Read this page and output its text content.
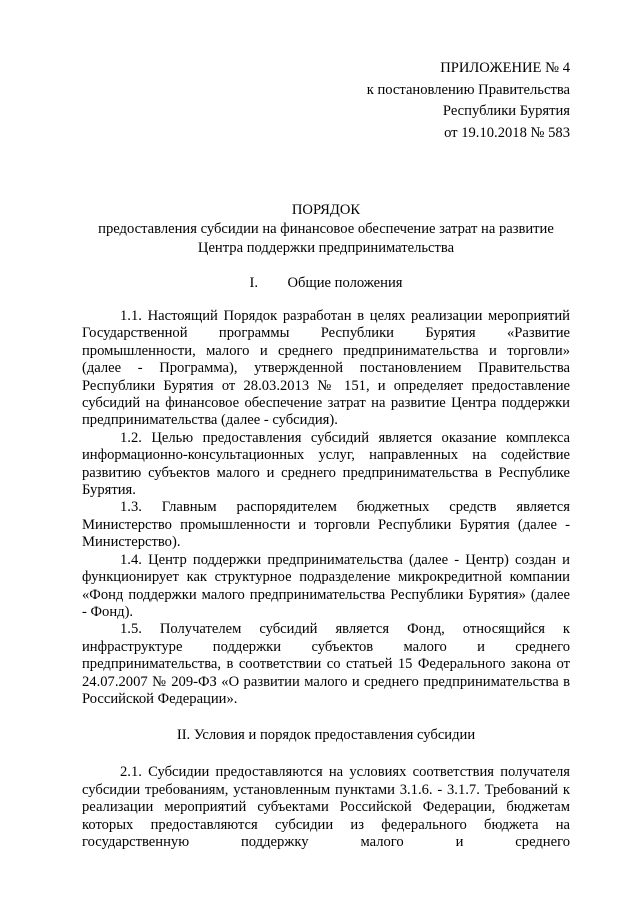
ПРИЛОЖЕНИЕ № 4
к постановлению Правительства
Республики Бурятия
от 19.10.2018 № 583
ПОРЯДОК
предоставления субсидии на финансовое обеспечение затрат на развитие
Центра поддержки предпринимательства
I. Общие положения

1.1. Настоящий Порядок разработан в целях реализации мероприятий Государственной программы Республики Бурятия «Развитие промышленности, малого и среднего предпринимательства и торговли» (далее - Программа), утвержденной постановлением Правительства Республики Бурятия от 28.03.2013 № 151, и определяет предоставление субсидий на финансовое обеспечение затрат на развитие Центра поддержки предпринимательства (далее - субсидия).

1.2. Целью предоставления субсидий является оказание комплекса информационно-консультационных услуг, направленных на содействие развитию субъектов малого и среднего предпринимательства в Республике Бурятия.

1.3. Главным распорядителем бюджетных средств является Министерство промышленности и торговли Республики Бурятия (далее - Министерство).

1.4. Центр поддержки предпринимательства (далее - Центр) создан и функционирует как структурное подразделение микрокредитной компании «Фонд поддержки малого предпринимательства Республики Бурятия» (далее - Фонд).

1.5. Получателем субсидий является Фонд, относящийся к инфраструктуре поддержки субъектов малого и среднего предпринимательства, в соответствии со статьей 15 Федерального закона от 24.07.2007 № 209-ФЗ «О развитии малого и среднего предпринимательства в Российской Федерации».

II. Условия и порядок предоставления субсидии

2.1. Субсидии предоставляются на условиях соответствия получателя субсидии требованиям, установленным пунктами 3.1.6. - 3.1.7. Требований к реализации мероприятий субъектами Российской Федерации, бюджетам которых предоставляются субсидии из федерального бюджета на государственную поддержку малого и среднего
